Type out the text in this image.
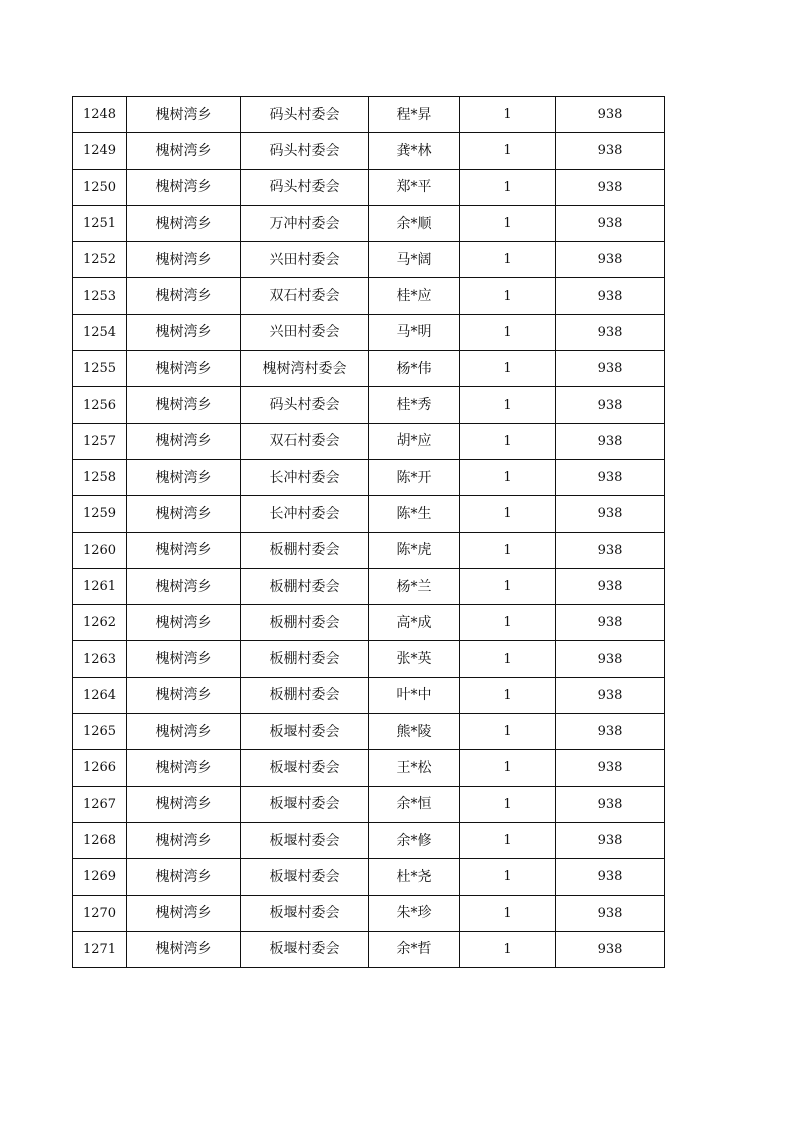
1248	槐树湾乡	码头村委会	程*昇	1	938
1249	槐树湾乡	码头村委会	龚*林	1	938
1250	槐树湾乡	码头村委会	郑*平	1	938
1251	槐树湾乡	万冲村委会	余*顺	1	938
1252	槐树湾乡	兴田村委会	马*阔	1	938
1253	槐树湾乡	双石村委会	桂*应	1	938
1254	槐树湾乡	兴田村委会	马*明	1	938
1255	槐树湾乡	槐树湾村委会	杨*伟	1	938
1256	槐树湾乡	码头村委会	桂*秀	1	938
1257	槐树湾乡	双石村委会	胡*应	1	938
1258	槐树湾乡	长冲村委会	陈*开	1	938
1259	槐树湾乡	长冲村委会	陈*生	1	938
1260	槐树湾乡	板棚村委会	陈*虎	1	938
1261	槐树湾乡	板棚村委会	杨*兰	1	938
1262	槐树湾乡	板棚村委会	高*成	1	938
1263	槐树湾乡	板棚村委会	张*英	1	938
1264	槐树湾乡	板棚村委会	叶*中	1	938
1265	槐树湾乡	板堰村委会	熊*陵	1	938
1266	槐树湾乡	板堰村委会	王*松	1	938
1267	槐树湾乡	板堰村委会	余*恒	1	938
1268	槐树湾乡	板堰村委会	余*修	1	938
1269	槐树湾乡	板堰村委会	杜*尧	1	938
1270	槐树湾乡	板堰村委会	朱*珍	1	938
1271	槐树湾乡	板堰村委会	余*哲	1	938
